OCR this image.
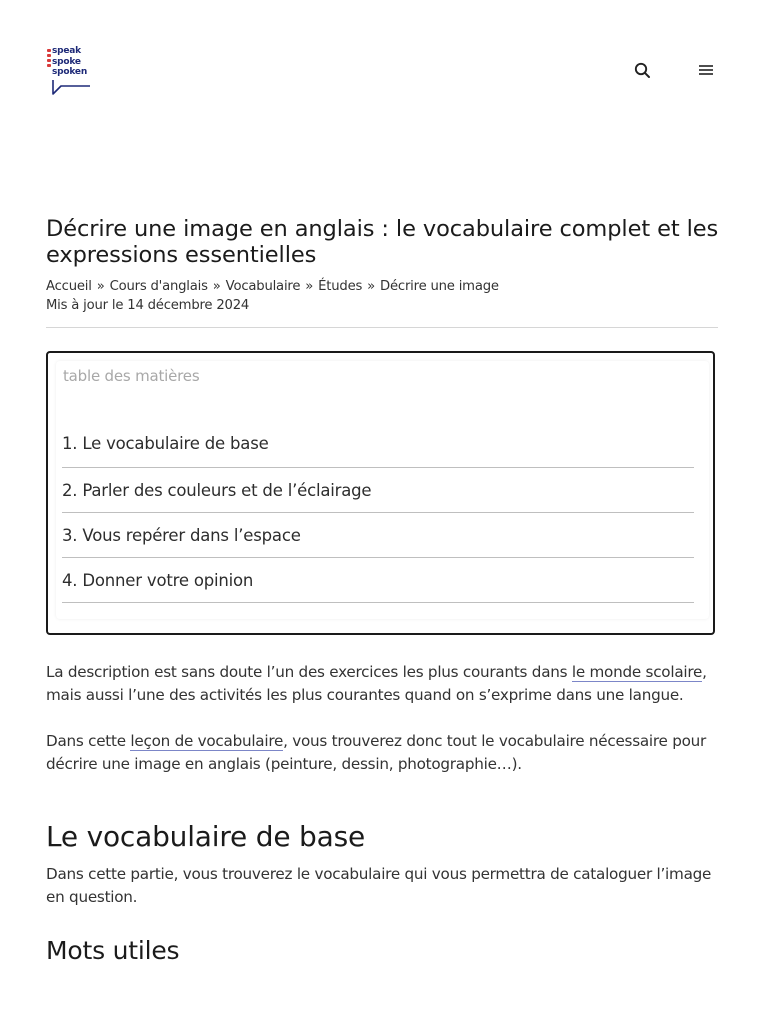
speak
spoke
spoken
Décrire une image en anglais : le vocabulaire complet et les expressions essentielles
Accueil » Cours d'anglais » Vocabulaire » Études » Décrire une image
Mis à jour le 14 décembre 2024
table des matières
1. Le vocabulaire de base
2. Parler des couleurs et de l’éclairage
3. Vous repérer dans l’espace
4. Donner votre opinion

La description est sans doute l’un des exercices les plus courants dans le monde scolaire, mais aussi l’une des activités les plus courantes quand on s’exprime dans une langue.

Dans cette leçon de vocabulaire, vous trouverez donc tout le vocabulaire nécessaire pour décrire une image en anglais (peinture, dessin, photographie…).

Le vocabulaire de base

Dans cette partie, vous trouverez le vocabulaire qui vous permettra de cataloguer l’image en question.

Mots utiles
